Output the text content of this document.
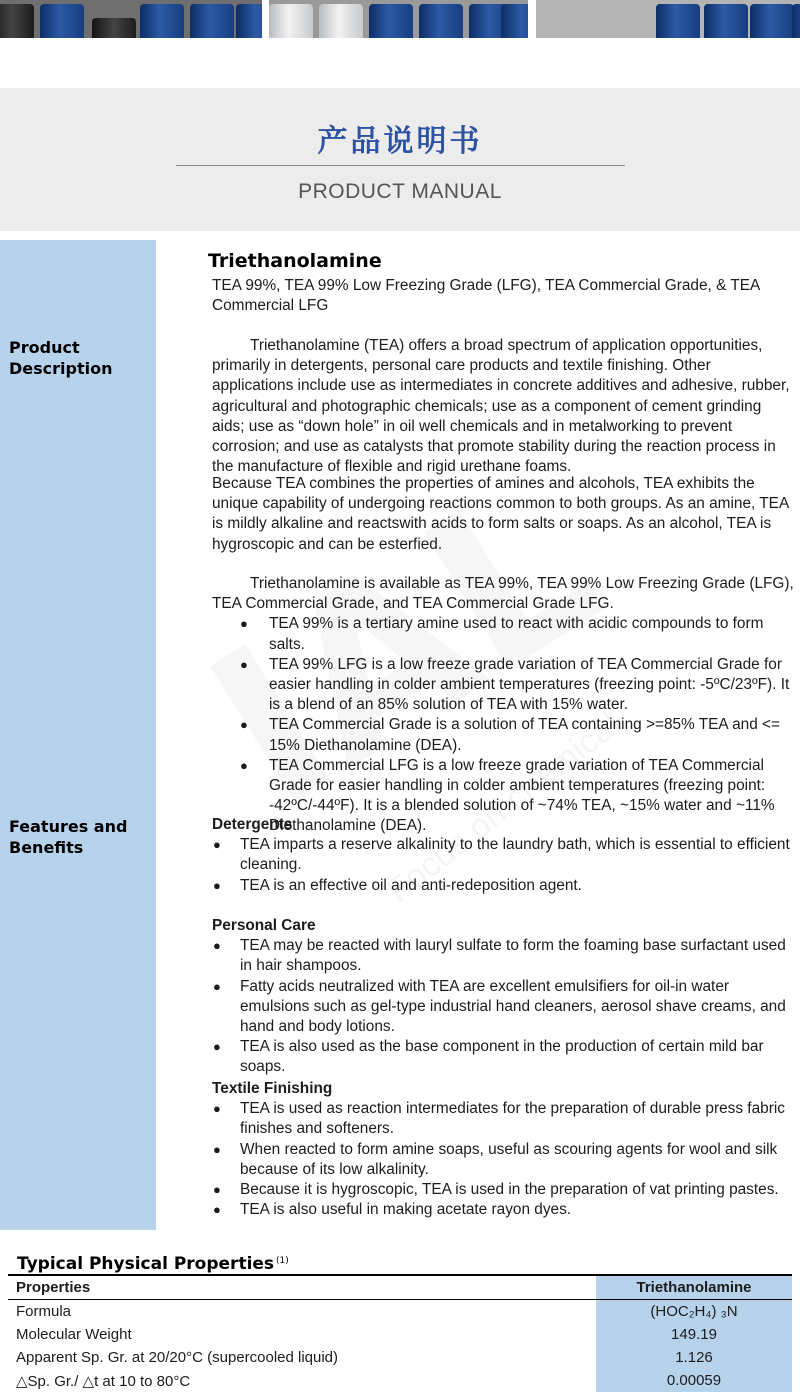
产品说明书
PRODUCT MANUAL
Product
Description
Features and
Benefits
Triethanolamine
TEA 99%, TEA 99% Low Freezing Grade (LFG), TEA Commercial Grade, & TEA Commercial LFG
Triethanolamine (TEA) offers a broad spectrum of application opportunities, primarily in detergents, personal care products and textile finishing. Other applications include use as intermediates in concrete additives and adhesive, rubber, agricultural and photographic chemicals; use as a component of cement grinding aids; use as “down hole” in oil well chemicals and in metalworking to prevent corrosion; and use as catalysts that promote stability during the reaction process in the manufacture of flexible and rigid urethane foams.
Because TEA combines the properties of amines and alcohols, TEA exhibits the unique capability of undergoing reactions common to both groups. As an amine, TEA is mildly alkaline and reactswith acids to form salts or soaps. As an alcohol, TEA is hygroscopic and can be esterfied.
Triethanolamine is available as TEA 99%, TEA 99% Low Freezing Grade (LFG), TEA Commercial Grade, and TEA Commercial Grade LFG.
● TEA 99% is a tertiary amine used to react with acidic compounds to form salts.
● TEA 99% LFG is a low freeze grade variation of TEA Commercial Grade for easier handling in colder ambient temperatures (freezing point: -5ºC/23ºF). It is a blend of an 85% solution of TEA with 15% water.
● TEA Commercial Grade is a solution of TEA containing >=85% TEA and <= 15% Diethanolamine (DEA).
● TEA Commercial LFG is a low freeze grade variation of TEA Commercial Grade for easier handling in colder ambient temperatures (freezing point: -42ºC/-44ºF). It is a blended solution of ~74% TEA, ~15% water and ~11% Diethanolamine (DEA).
Detergents
● TEA imparts a reserve alkalinity to the laundry bath, which is essential to efficient cleaning.
● TEA is an effective oil and anti-redeposition agent.
Personal Care
● TEA may be reacted with lauryl sulfate to form the foaming base surfactant used in hair shampoos.
● Fatty acids neutralized with TEA are excellent emulsifiers for oil-in water emulsions such as gel-type industrial hand cleaners, aerosol shave creams, and hand and body lotions.
● TEA is also used as the base component in the production of certain mild bar soaps.
Textile Finishing
● TEA is used as reaction intermediates for the preparation of durable press fabric finishes and softeners.
● When reacted to form amine soaps, useful as scouring agents for wool and silk because of its low alkalinity.
● Because it is hygroscopic, TEA is used in the preparation of vat printing pastes.
● TEA is also useful in making acetate rayon dyes.
Typical Physical Properties $^{(1)}$
Properties	Triethanolamine
Formula	(HOC₂H₄) ₃N
Molecular Weight	149.19
Apparent Sp. Gr. at 20/20°C (supercooled liquid)	1.126
△Sp. Gr./ △t at 10 to 80°C	0.00059
